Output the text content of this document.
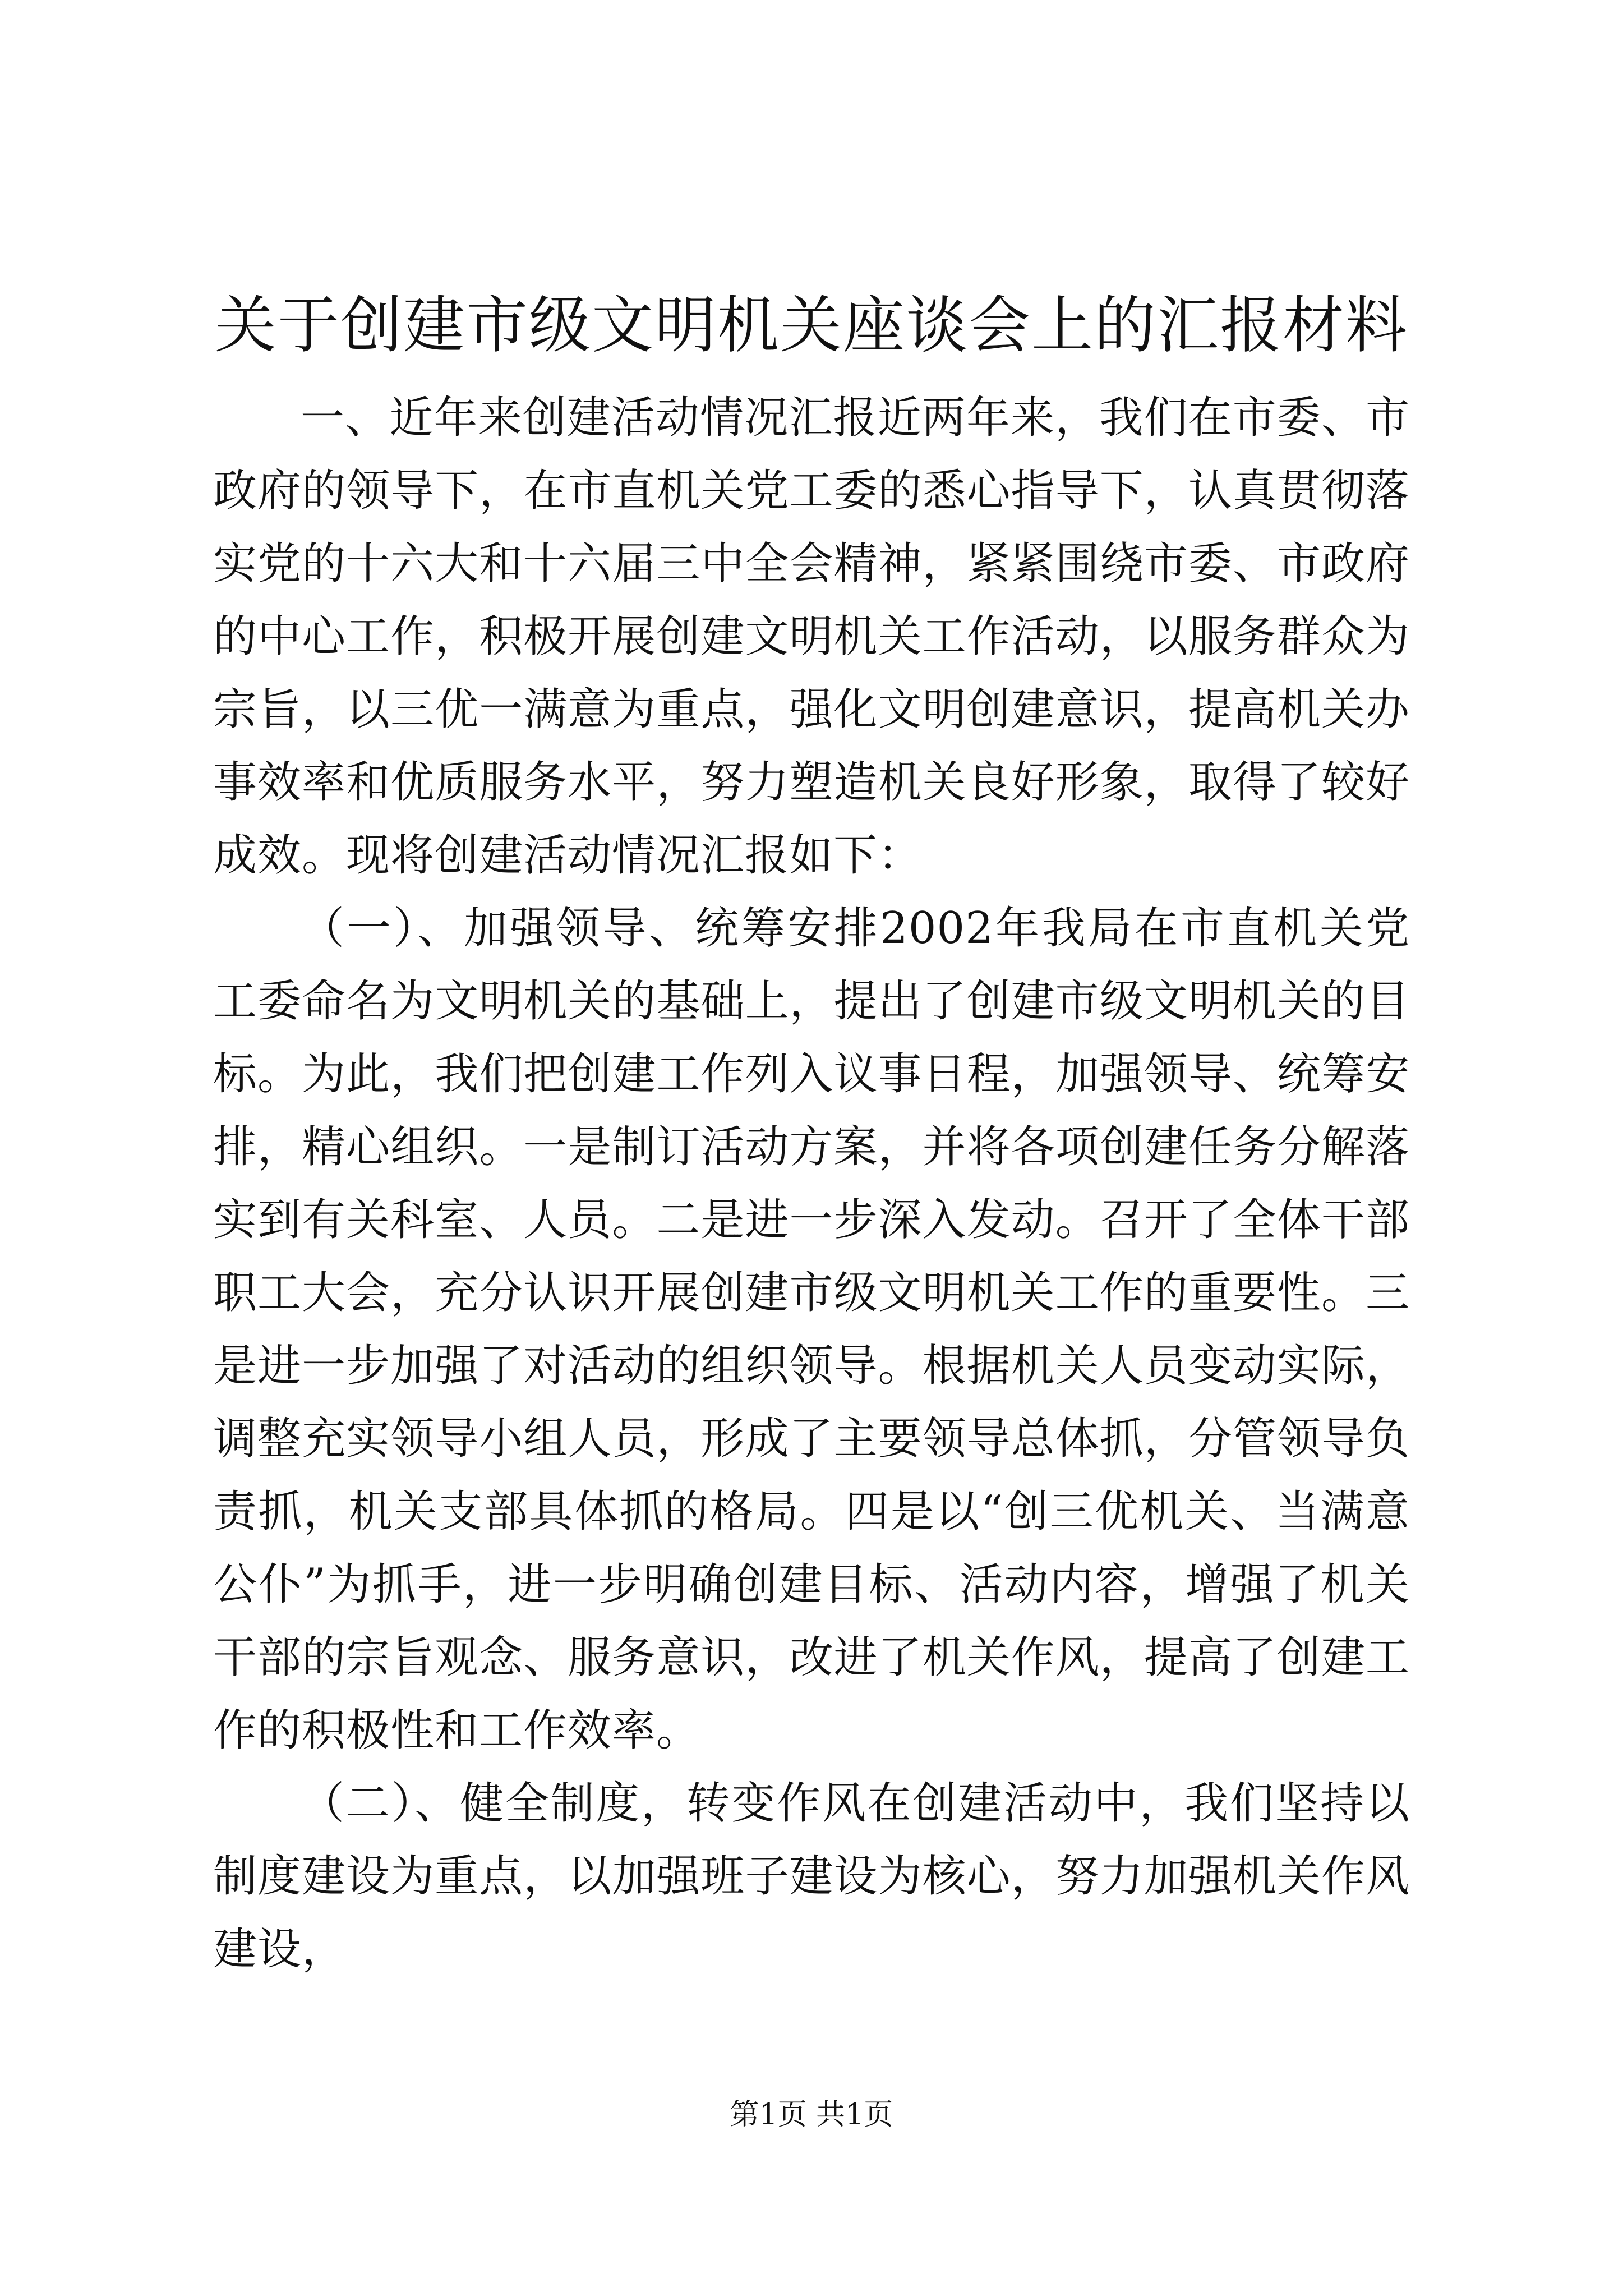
关于创建市级文明机关座谈会上的汇报材料

一、近年来创建活动情况汇报近两年来，我们在市委、市政府的领导下，在市直机关党工委的悉心指导下，认真贯彻落实党的十六大和十六届三中全会精神，紧紧围绕市委、市政府的中心工作，积极开展创建文明机关工作活动，以服务群众为宗旨，以三优一满意为重点，强化文明创建意识，提高机关办事效率和优质服务水平，努力塑造机关良好形象，取得了较好成效。现将创建活动情况汇报如下：

（一）、加强领导、统筹安排2002年我局在市直机关党工委命名为文明机关的基础上，提出了创建市级文明机关的目标。为此，我们把创建工作列入议事日程，加强领导、统筹安排，精心组织。一是制订活动方案，并将各项创建任务分解落实到有关科室、人员。二是进一步深入发动。召开了全体干部职工大会，充分认识开展创建市级文明机关工作的重要性。三是进一步加强了对活动的组织领导。根据机关人员变动实际，调整充实领导小组人员，形成了主要领导总体抓，分管领导负责抓，机关支部具体抓的格局。四是以“创三优机关、当满意公仆”为抓手，进一步明确创建目标、活动内容，增强了机关干部的宗旨观念、服务意识，改进了机关作风，提高了创建工作的积极性和工作效率。

（二）、健全制度，转变作风在创建活动中，我们坚持以制度建设为重点，以加强班子建设为核心，努力加强机关作风建设，

第1页 共1页
